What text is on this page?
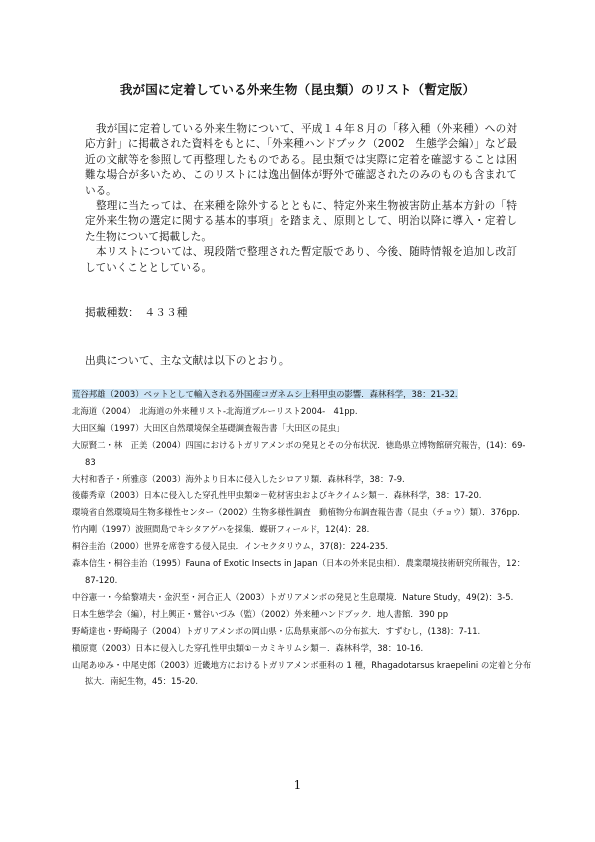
我が国に定着している外来生物（昆虫類）のリスト（暫定版）

我が国に定着している外来生物について、平成１４年８月の「移入種（外来種）への対応方針」に掲載された資料をもとに、「外来種ハンドブック（2002　生態学会編）」など最近の文献等を参照して再整理したものである。昆虫類では実際に定着を確認することは困難な場合が多いため、このリストには逸出個体が野外で確認されたのみのものも含まれている。

整理に当たっては、在来種を除外するとともに、特定外来生物被害防止基本方針の「特定外来生物の選定に関する基本的事項」を踏まえ、原則として、明治以降に導入・定着した生物について掲載した。

本リストについては、現段階で整理された暫定版であり、今後、随時情報を追加し改訂していくこととしている。

掲載種数：　４３３種
出典について、主な文献は以下のとおり。
荒谷邦雄（2003）ペットとして輸入される外国産コガネムシ上科甲虫の影響．森林科学，38：21-32.
北海道（2004）　北海道の外来種リスト-北海道ブルーリスト2004-　41pp.
大田区編（1997）大田区自然環境保全基礎調査報告書「大田区の昆虫」
大原賢二・林　正美（2004）四国におけるトガリアメンボの発見とその分布状況．徳島県立博物館研究報告，(14)：69-83
大村和香子・所雅彦（2003）海外より日本に侵入したシロアリ類．森林科学，38：7-9.
後藤秀章（2003）日本に侵入した穿孔性甲虫類②－乾材害虫およびキクイムシ類－．森林科学，38：17-20.
環境省自然環境局生物多様性センター（2002）生物多様性調査　動植物分布調査報告書（昆虫（チョウ）類）．376pp.
竹内剛（1997）波照間島でキシタアゲハを採集．蝶研フィールド，12(4)：28.
桐谷圭治（2000）世界を席巻する侵入昆虫．インセクタリウム，37(8)：224-235.
森本信生・桐谷圭治（1995）Fauna of Exotic Insects in Japan（日本の外来昆虫相）．農業環境技術研究所報告，12：87-120.
中谷憲一・今給黎靖夫・金沢至・河合正人（2003）トガリアメンボの発見と生息環境．Nature Study，49(2)：3-5.
日本生態学会（編），村上興正・鷲谷いづみ（監）（2002）外来種ハンドブック．地人書館．390 pp
野崎達也・野崎陽子（2004）トガリアメンボの岡山県・広島県東部への分布拡大．すずむし，(138)：7-11.
槇原寛（2003）日本に侵入した穿孔性甲虫類①－カミキリムシ類－．森林科学，38：10-16.
山尾あゆみ・中尾史郎（2003）近畿地方におけるトガリアメンボ亜科の 1 種，Rhagadotarsus kraepelini の定着と分布拡大．南紀生物，45：15-20.
1
